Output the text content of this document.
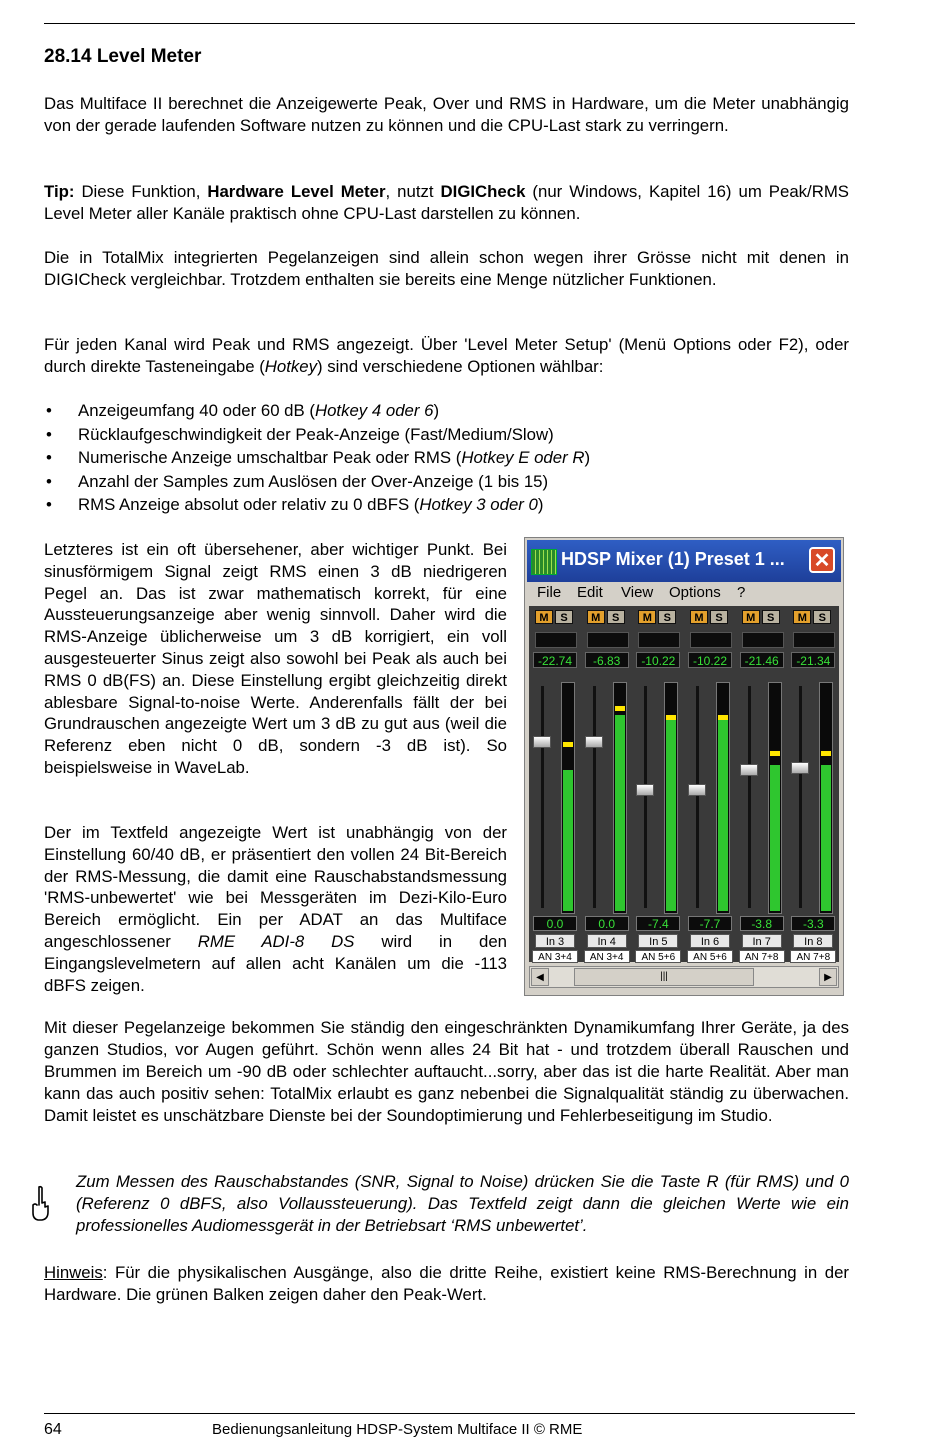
28.14 Level Meter

Das Multiface II berechnet die Anzeigewerte Peak, Over und RMS in Hardware, um die Meter unabhängig von der gerade laufenden Software nutzen zu können und die CPU-Last stark zu verringern.

Tip: Diese Funktion, Hardware Level Meter, nutzt DIGICheck (nur Windows, Kapitel 16) um Peak/RMS Level Meter aller Kanäle praktisch ohne CPU-Last darstellen zu können.

Die in TotalMix integrierten Pegelanzeigen sind allein schon wegen ihrer Grösse nicht mit denen in DIGICheck vergleichbar. Trotzdem enthalten sie bereits eine Menge nützlicher Funktionen.

Für jeden Kanal wird Peak und RMS angezeigt. Über 'Level Meter Setup' (Menü Options oder F2), oder durch direkte Tasteneingabe (Hotkey) sind verschiedene Optionen wählbar:

• Anzeigeumfang 40 oder 60 dB (Hotkey 4 oder 6)
• Rücklaufgeschwindigkeit der Peak-Anzeige (Fast/Medium/Slow)
• Numerische Anzeige umschaltbar Peak oder RMS (Hotkey E oder R)
• Anzahl der Samples zum Auslösen der Over-Anzeige (1 bis 15)
• RMS Anzeige absolut oder relativ zu 0 dBFS (Hotkey 3 oder 0)

Letzteres ist ein oft übersehener, aber wichtiger Punkt. Bei sinusförmigem Signal zeigt RMS einen 3 dB niedrigeren Pegel an. Das ist zwar mathematisch korrekt, für eine Aussteuerungsanzeige aber wenig sinnvoll. Daher wird die RMS-Anzeige üblicherweise um 3 dB korrigiert, ein voll ausgesteuerter Sinus zeigt also sowohl bei Peak als auch bei RMS 0 dB(FS) an. Diese Einstellung ergibt gleichzeitig direkt ablesbare Signal-to-noise Werte. Anderenfalls fällt der bei Grundrauschen angezeigte Wert um 3 dB zu gut aus (weil die Referenz eben nicht 0 dB, sondern -3 dB ist). So beispielsweise in WaveLab.

Der im Textfeld angezeigte Wert ist unabhängig von der Einstellung 60/40 dB, er präsentiert den vollen 24 Bit-Bereich der RMS-Messung, die damit eine Rauschabstandsmessung 'RMS-unbewertet' wie bei Messgeräten im Dezi-Kilo-Euro Bereich ermöglicht. Ein per ADAT an das Multiface angeschlossener RME ADI-8 DS wird in den Eingangslevelmetern auf allen acht Kanälen um die -113 dBFS zeigen.

HDSP Mixer (1) Preset 1 ... ✕
File Edit View Options ?
M	S
-22.74
0.0
In 3
AN 3+4
M	S
-6.83
0.0
In 4
AN 3+4
M	S
-10.22
-7.4
In 5
AN 5+6
M	S
-10.22
-7.7
In 6
AN 5+6
M	S
-21.46
-3.8
In 7
AN 7+8
M	S
-21.34
-3.3
In 8
AN 7+8
◀	|||	▶

Mit dieser Pegelanzeige bekommen Sie ständig den eingeschränkten Dynamikumfang Ihrer Geräte, ja des ganzen Studios, vor Augen geführt. Schön wenn alles 24 Bit hat - und trotzdem überall Rauschen und Brummen im Bereich um -90 dB oder schlechter auftaucht...sorry, aber das ist die harte Realität. Aber man kann das auch positiv sehen: TotalMix erlaubt es ganz nebenbei die Signalqualität ständig zu überwachen. Damit leistet es unschätzbare Dienste bei der Soundoptimierung und Fehlerbeseitigung im Studio.

Zum Messen des Rauschabstandes (SNR, Signal to Noise) drücken Sie die Taste R (für RMS) und 0 (Referenz 0 dBFS, also Vollaussteuerung). Das Textfeld zeigt dann die gleichen Werte wie ein professionelles Audiomessgerät in der Betriebsart ‘RMS unbewertet’.

Hinweis: Für die physikalischen Ausgänge, also die dritte Reihe, existiert keine RMS-Berechnung in der Hardware. Die grünen Balken zeigen daher den Peak-Wert.

64	Bedienungsanleitung HDSP-System Multiface II © RME
